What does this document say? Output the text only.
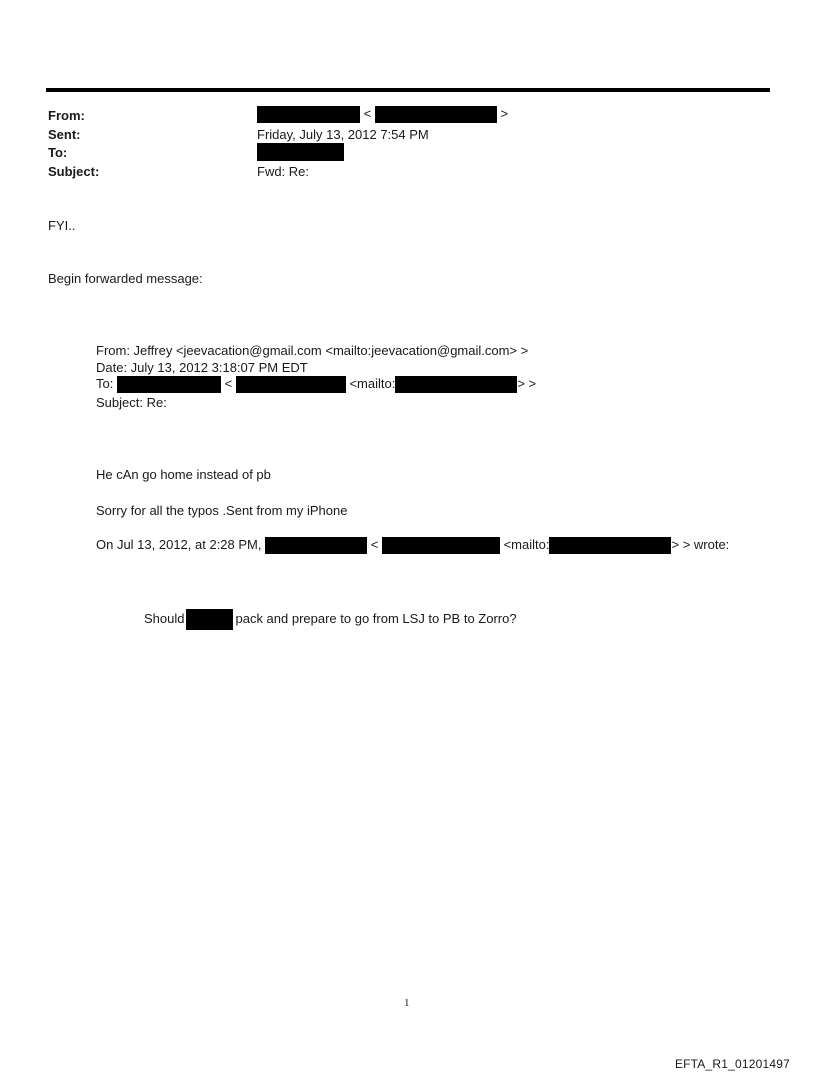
From:	<	>
Sent:	Friday, July 13, 2012 7:54 PM
To:
Subject:	Fwd: Re:
FYI..
Begin forwarded message:
From: Jeffrey <jeevacation@gmail.com <mailto:jeevacation@gmail.com> >
Date: July 13, 2012 3:18:07 PM EDT
To:	<	<mailto:	> >
Subject: Re:
He cAn go home instead of pb
Sorry for all the typos .Sent from my iPhone
On Jul 13, 2012, at 2:28 PM,	<	<mailto:	> > wrote:
Should	pack and prepare to go from LSJ to PB to Zorro?
1
EFTA_R1_01201497
